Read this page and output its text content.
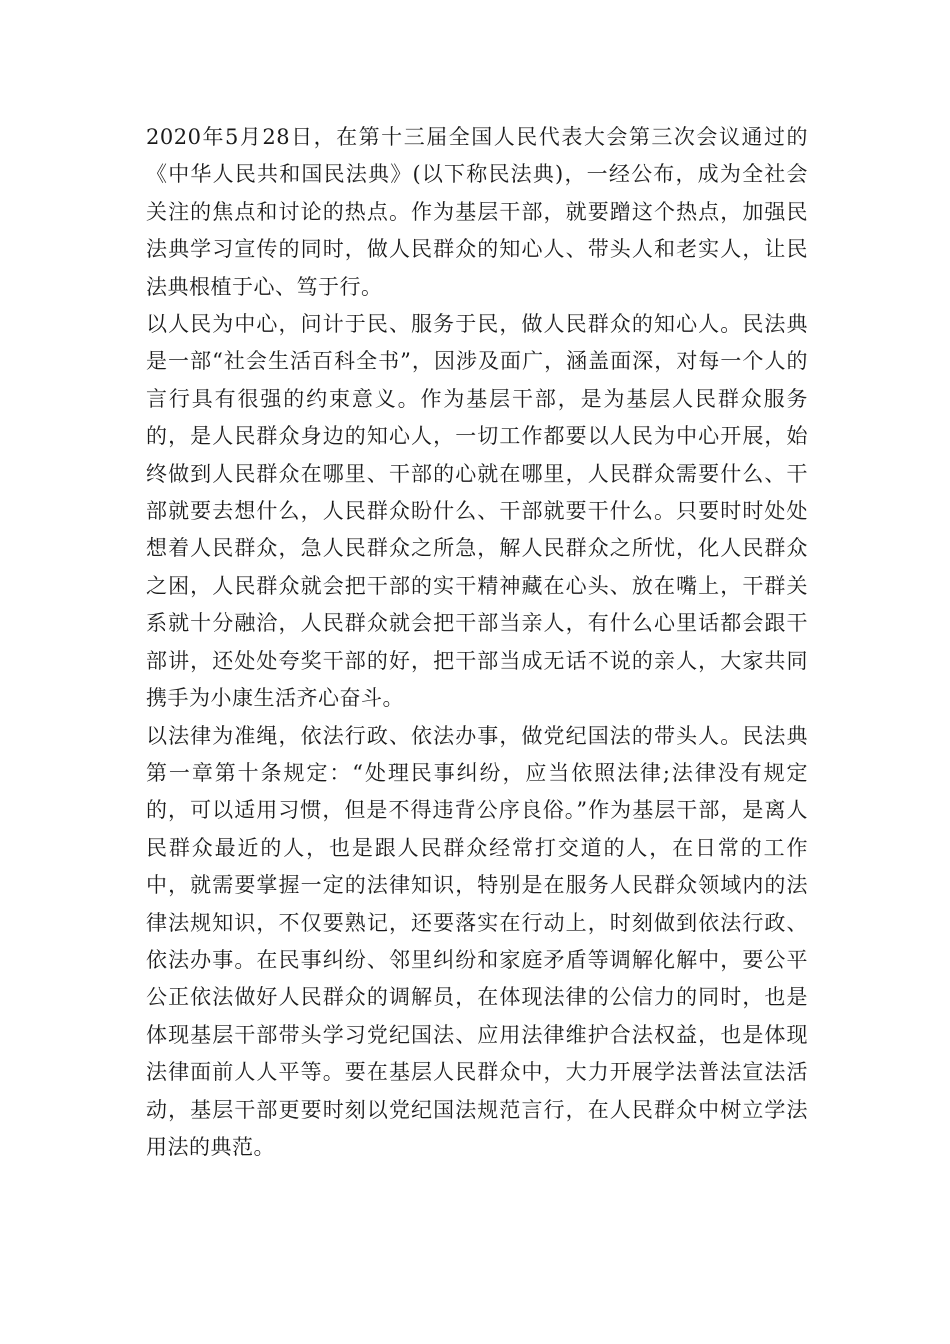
2020年5月28日，在第十三届全国人民代表大会第三次会议通过的《中华人民共和国民法典》(以下称民法典)，一经公布，成为全社会关注的焦点和讨论的热点。作为基层干部，就要蹭这个热点，加强民法典学习宣传的同时，做人民群众的知心人、带头人和老实人，让民法典根植于心、笃于行。

以人民为中心，问计于民、服务于民，做人民群众的知心人。民法典是一部“社会生活百科全书”，因涉及面广，涵盖面深，对每一个人的言行具有很强的约束意义。作为基层干部，是为基层人民群众服务的，是人民群众身边的知心人，一切工作都要以人民为中心开展，始终做到人民群众在哪里、干部的心就在哪里，人民群众需要什么、干部就要去想什么，人民群众盼什么、干部就要干什么。只要时时处处想着人民群众，急人民群众之所急，解人民群众之所忧，化人民群众之困，人民群众就会把干部的实干精神藏在心头、放在嘴上，干群关系就十分融洽，人民群众就会把干部当亲人，有什么心里话都会跟干部讲，还处处夸奖干部的好，把干部当成无话不说的亲人，大家共同携手为小康生活齐心奋斗。

以法律为准绳，依法行政、依法办事，做党纪国法的带头人。民法典第一章第十条规定：“处理民事纠纷，应当依照法律;法律没有规定的，可以适用习惯，但是不得违背公序良俗。”作为基层干部，是离人民群众最近的人，也是跟人民群众经常打交道的人，在日常的工作中，就需要掌握一定的法律知识，特别是在服务人民群众领域内的法律法规知识，不仅要熟记，还要落实在行动上，时刻做到依法行政、依法办事。在民事纠纷、邻里纠纷和家庭矛盾等调解化解中，要公平公正依法做好人民群众的调解员，在体现法律的公信力的同时，也是体现基层干部带头学习党纪国法、应用法律维护合法权益，也是体现法律面前人人平等。要在基层人民群众中，大力开展学法普法宣法活动，基层干部更要时刻以党纪国法规范言行，在人民群众中树立学法用法的典范。
